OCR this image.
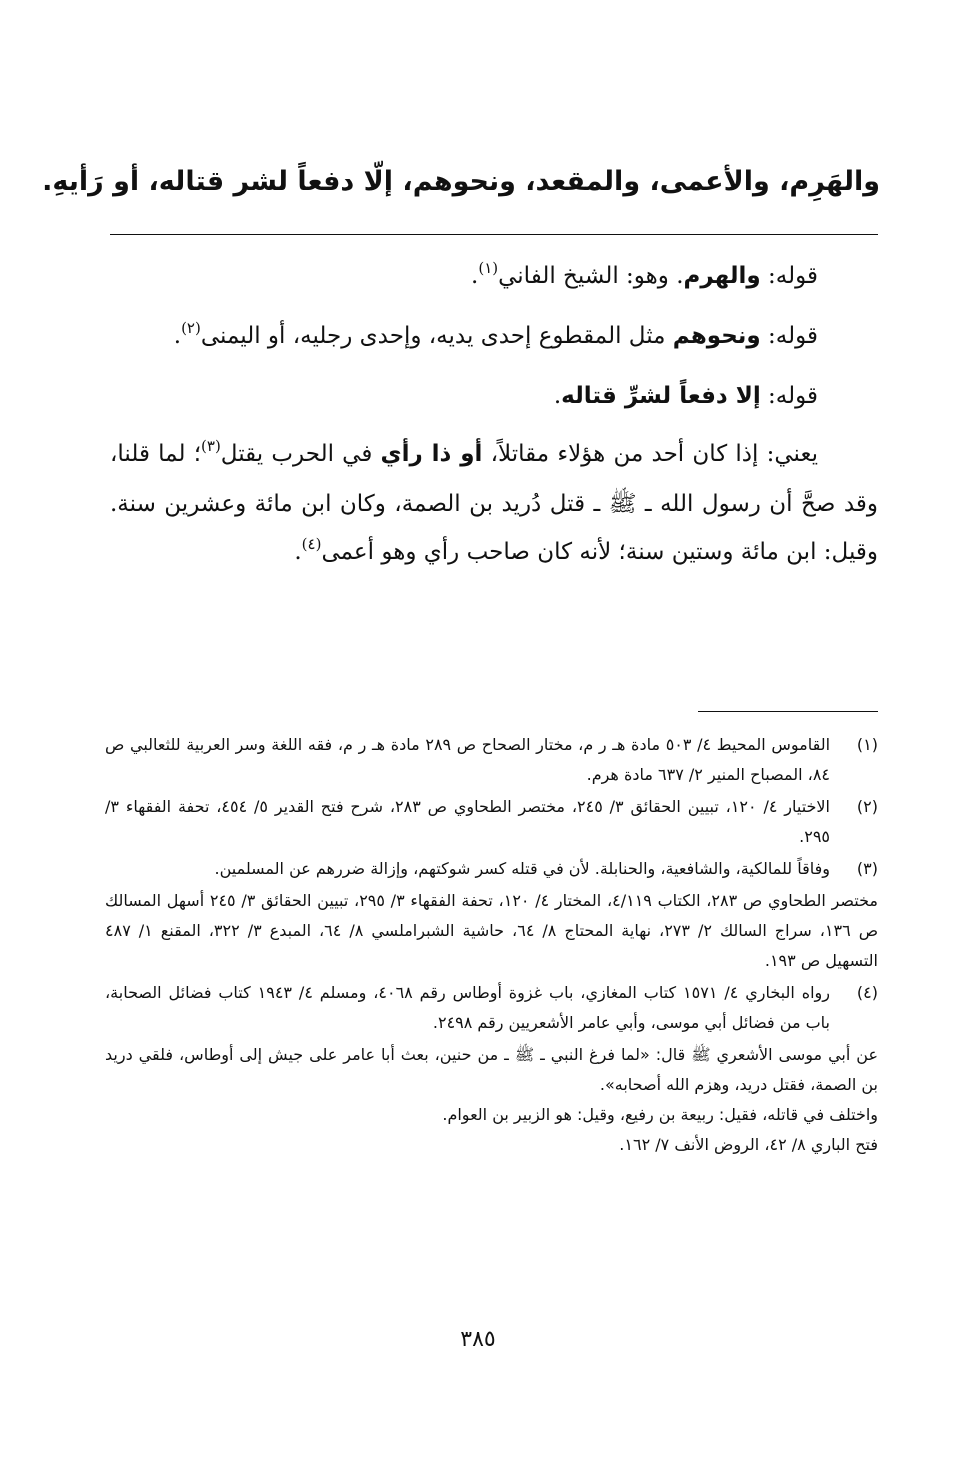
والهَرِم، والأعمى، والمقعد، ونحوهم، إلّا دفعاً لشر قتاله، أو رَأيهِ.

قوله: والهرم. وهو: الشيخ الفاني$^{(١)}$.

قوله: ونحوهم مثل المقطوع إحدى يديه، وإحدى رجليه، أو اليمنى$^{(٢)}$.

قوله: إلا دفعاً لشرِّ قتاله.

يعني: إذا كان أحد من هؤلاء مقاتلاً، أو ذا رأي في الحرب يقتل$^{(٣)}$؛ لما قلنا، وقد صحَّ أن رسول الله ـ ﷺ ـ قتل دُريد بن الصمة، وكان ابن مائة وعشرين سنة. وقيل: ابن مائة وستين سنة؛ لأنه كان صاحب رأي وهو أعمى$^{(٤)}$.

(١)
القاموس المحيط ٤/ ٥٠٣ مادة هـ ر م، مختار الصحاح ص ٢٨٩ مادة هـ ر م، فقه اللغة وسر العربية للثعالبي ص ٨٤، المصباح المنير ٢/ ٦٣٧ مادة هرم.
(٢)
الاختيار ٤/ ١٢٠، تبيين الحقائق ٣/ ٢٤٥، مختصر الطحاوي ص ٢٨٣، شرح فتح القدير ٥/ ٤٥٤، تحفة الفقهاء ٣/ ٢٩٥.
(٣)
وفاقاً للمالكية، والشافعية، والحنابلة. لأن في قتله كسر شوكتهم، وإزالة ضررهم عن المسلمين.
مختصر الطحاوي ص ٢٨٣، الكتاب ٤/١١٩، المختار ٤/ ١٢٠، تحفة الفقهاء ٣/ ٢٩٥، تبيين الحقائق ٣/ ٢٤٥ أسهل المسالك ص ١٣٦، سراج السالك ٢/ ٢٧٣، نهاية المحتاج ٨/ ٦٤، حاشية الشبراملسي ٨/ ٦٤، المبدع ٣/ ٣٢٢، المقنع ١/ ٤٨٧ التسهيل ص ١٩٣.
(٤)
رواه البخاري ٤/ ١٥٧١ كتاب المغازي، باب غزوة أوطاس رقم ٤٠٦٨، ومسلم ٤/ ١٩٤٣ كتاب فضائل الصحابة، باب من فضائل أبي موسى، وأبي عامر الأشعريين رقم ٢٤٩٨.
عن أبي موسى الأشعري ﷺ قال: «لما فرغ النبي ـ ﷺ ـ من حنين، بعث أبا عامر على جيش إلى أوطاس، فلقي دريد بن الصمة، فقتل دريد، وهزم الله أصحابه».
واختلف في قاتله، فقيل: ربيعة بن رفيع، وقيل: هو الزبير بن العوام.
فتح الباري ٨/ ٤٢، الروض الأنف ٧/ ١٦٢.
٣٨٥
